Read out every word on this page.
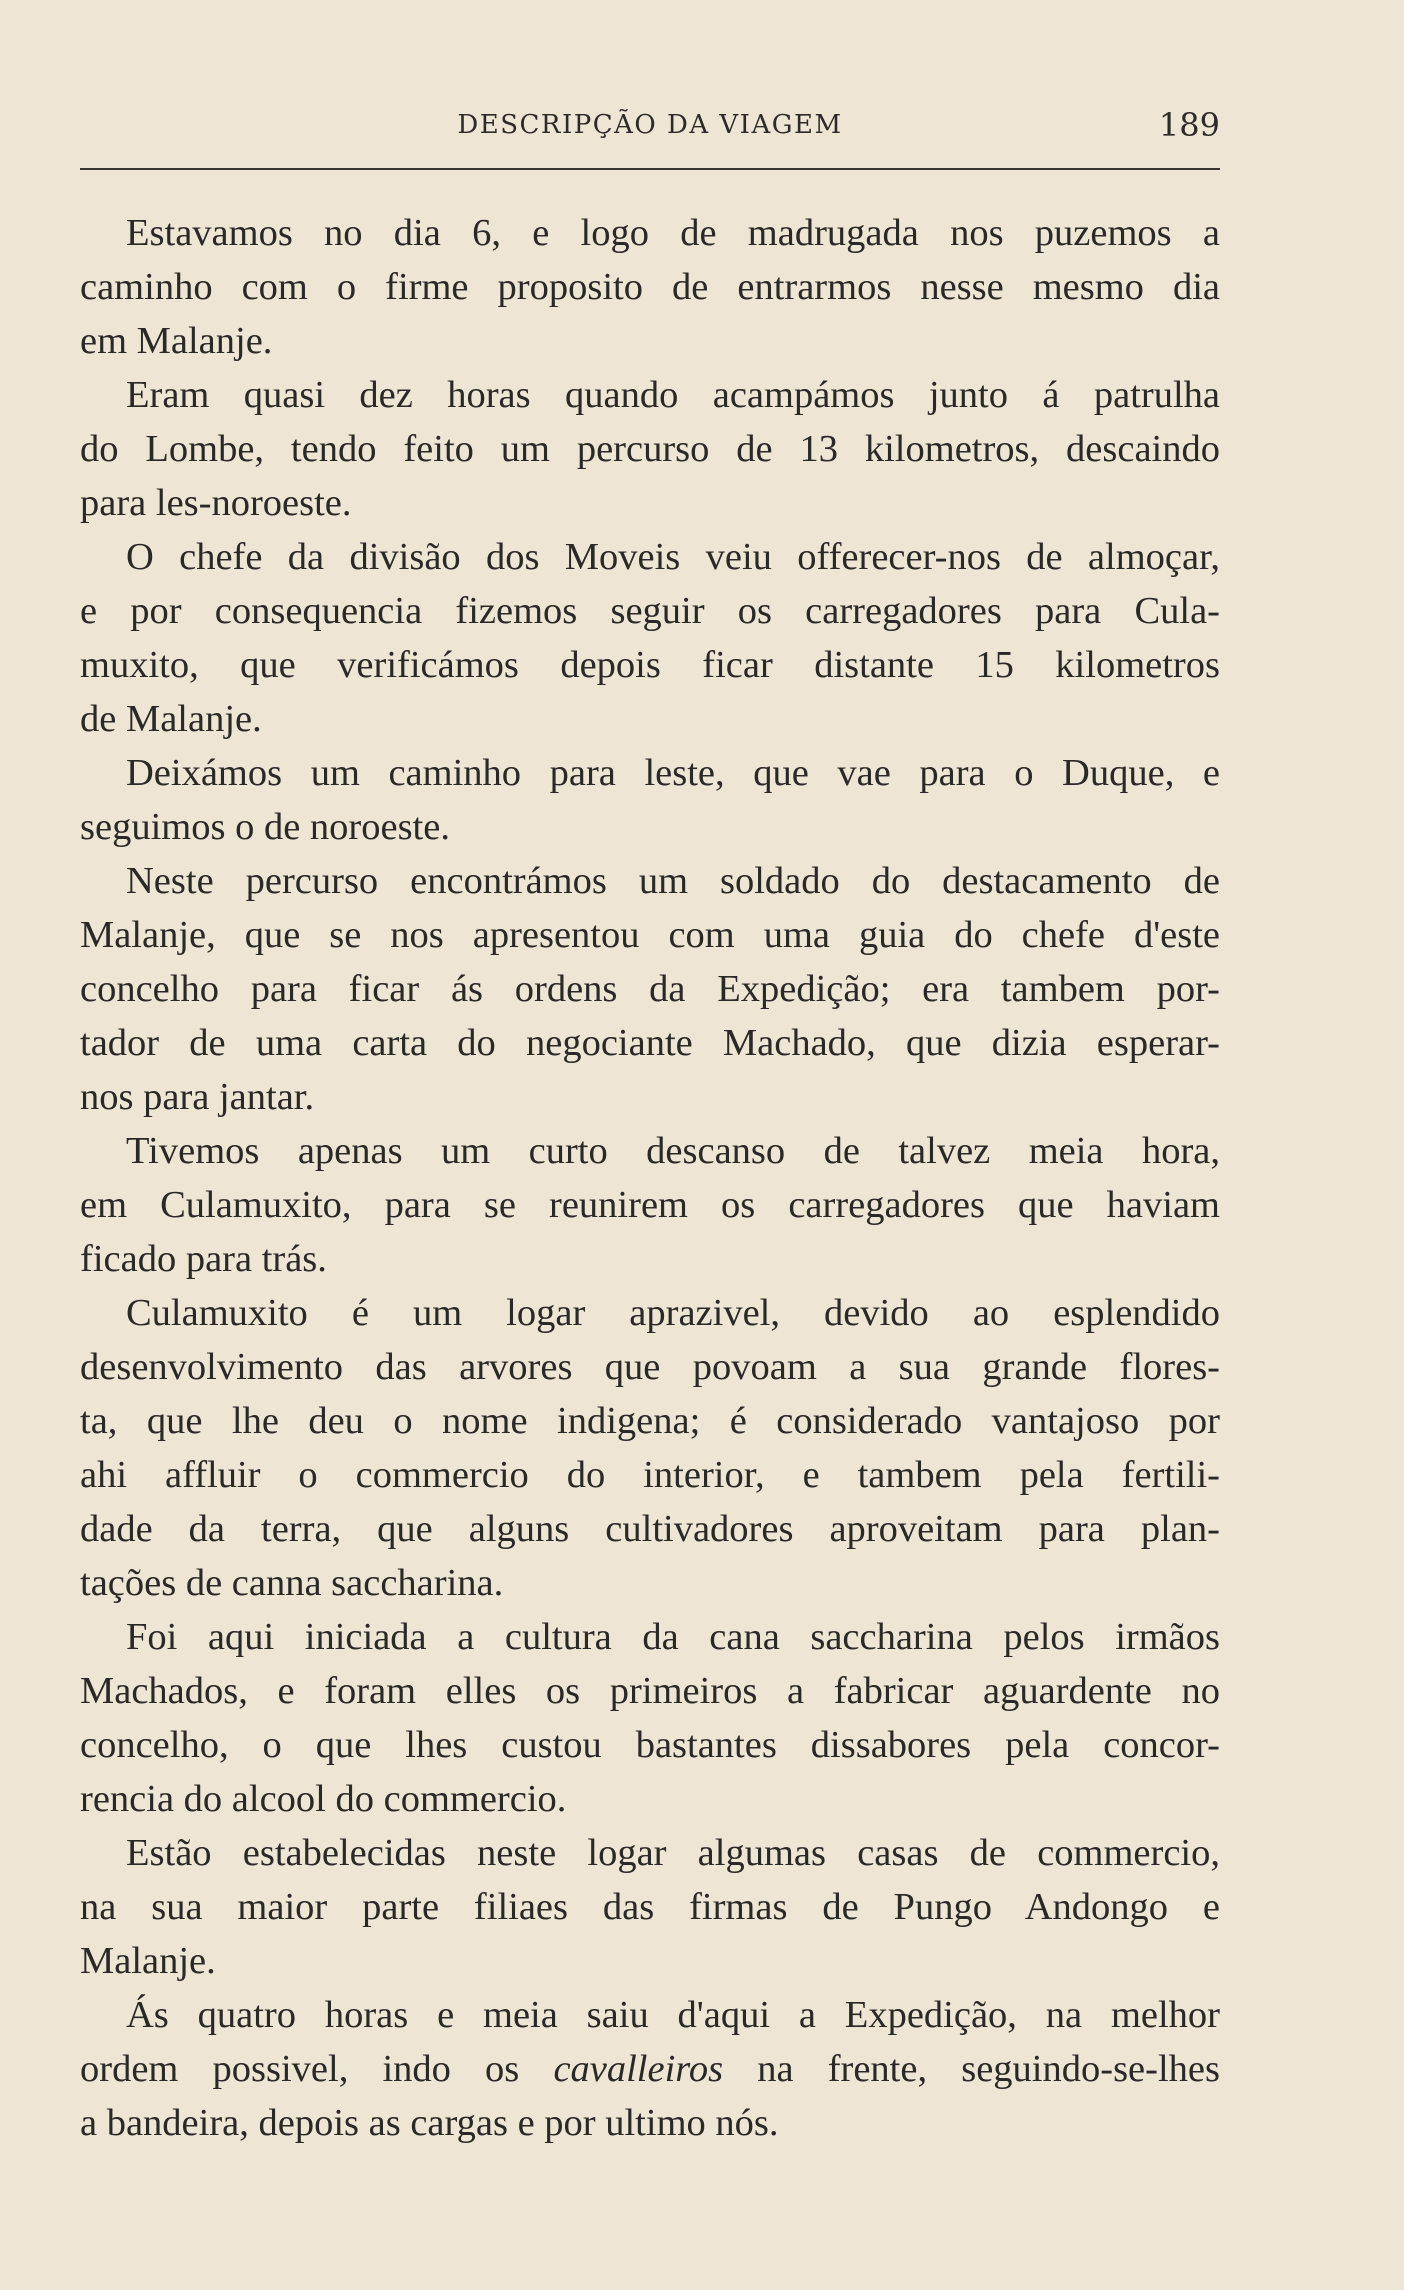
DESCRIPÇÃO DA VIAGEM	189
Estavamos no dia 6, e logo de madrugada nos puzemos a
caminho com o firme proposito de entrarmos nesse mesmo dia
em Malanje.
Eram quasi dez horas quando acampámos junto á patrulha
do Lombe, tendo feito um percurso de 13 kilometros, descaindo
para les-noroeste.
O chefe da divisão dos Moveis veiu offerecer-nos de almoçar,
e por consequencia fizemos seguir os carregadores para Cula-
muxito, que verificámos depois ficar distante 15 kilometros
de Malanje.
Deixámos um caminho para leste, que vae para o Duque, e
seguimos o de noroeste.
Neste percurso encontrámos um soldado do destacamento de
Malanje, que se nos apresentou com uma guia do chefe d'este
concelho para ficar ás ordens da Expedição; era tambem por-
tador de uma carta do negociante Machado, que dizia esperar-
nos para jantar.
Tivemos apenas um curto descanso de talvez meia hora,
em Culamuxito, para se reunirem os carregadores que haviam
ficado para trás.
Culamuxito é um logar aprazivel, devido ao esplendido
desenvolvimento das arvores que povoam a sua grande flores-
ta, que lhe deu o nome indigena; é considerado vantajoso por
ahi affluir o commercio do interior, e tambem pela fertili-
dade da terra, que alguns cultivadores aproveitam para plan-
tações de canna saccharina.
Foi aqui iniciada a cultura da cana saccharina pelos irmãos
Machados, e foram elles os primeiros a fabricar aguardente no
concelho, o que lhes custou bastantes dissabores pela concor-
rencia do alcool do commercio.
Estão estabelecidas neste logar algumas casas de commercio,
na sua maior parte filiaes das firmas de Pungo Andongo e
Malanje.
Ás quatro horas e meia saiu d'aqui a Expedição, na melhor
ordem possivel, indo os cavalleiros na frente, seguindo-se-lhes
a bandeira, depois as cargas e por ultimo nós.
